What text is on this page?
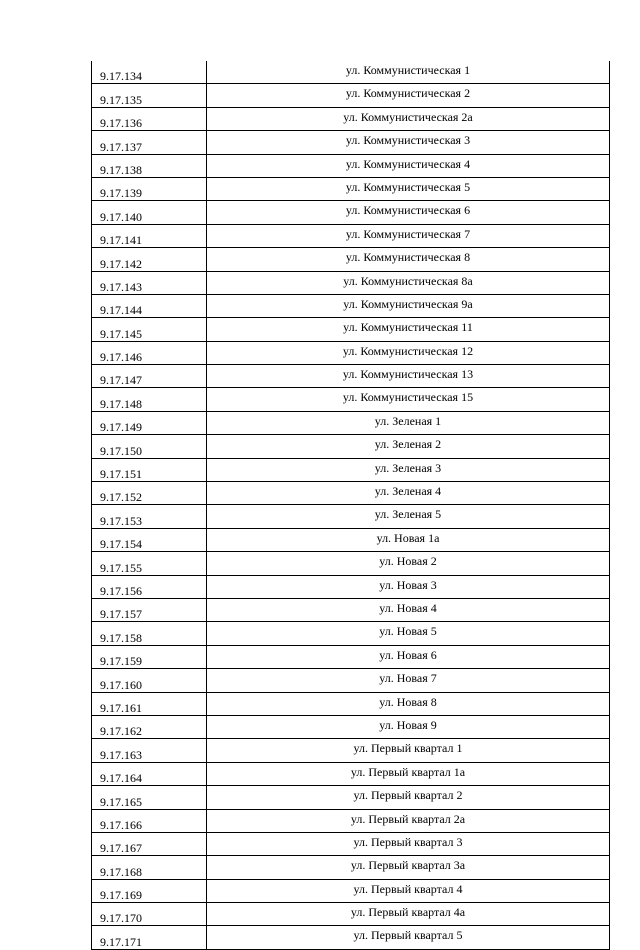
9.17.134	ул. Коммунистическая 1
9.17.135	ул. Коммунистическая 2
9.17.136	ул. Коммунистическая 2а
9.17.137	ул. Коммунистическая 3
9.17.138	ул. Коммунистическая 4
9.17.139	ул. Коммунистическая 5
9.17.140	ул. Коммунистическая 6
9.17.141	ул. Коммунистическая 7
9.17.142	ул. Коммунистическая 8
9.17.143	ул. Коммунистическая 8а
9.17.144	ул. Коммунистическая 9а
9.17.145	ул. Коммунистическая 11
9.17.146	ул. Коммунистическая 12
9.17.147	ул. Коммунистическая 13
9.17.148	ул. Коммунистическая 15
9.17.149	ул. Зеленая 1
9.17.150	ул. Зеленая 2
9.17.151	ул. Зеленая 3
9.17.152	ул. Зеленая 4
9.17.153	ул. Зеленая 5
9.17.154	ул. Новая 1а
9.17.155	ул. Новая 2
9.17.156	ул. Новая 3
9.17.157	ул. Новая 4
9.17.158	ул. Новая 5
9.17.159	ул. Новая 6
9.17.160	ул. Новая 7
9.17.161	ул. Новая 8
9.17.162	ул. Новая 9
9.17.163	ул. Первый квартал 1
9.17.164	ул. Первый квартал 1а
9.17.165	ул. Первый квартал 2
9.17.166	ул. Первый квартал 2а
9.17.167	ул. Первый квартал 3
9.17.168	ул. Первый квартал 3а
9.17.169	ул. Первый квартал 4
9.17.170	ул. Первый квартал 4а
9.17.171	ул. Первый квартал 5
